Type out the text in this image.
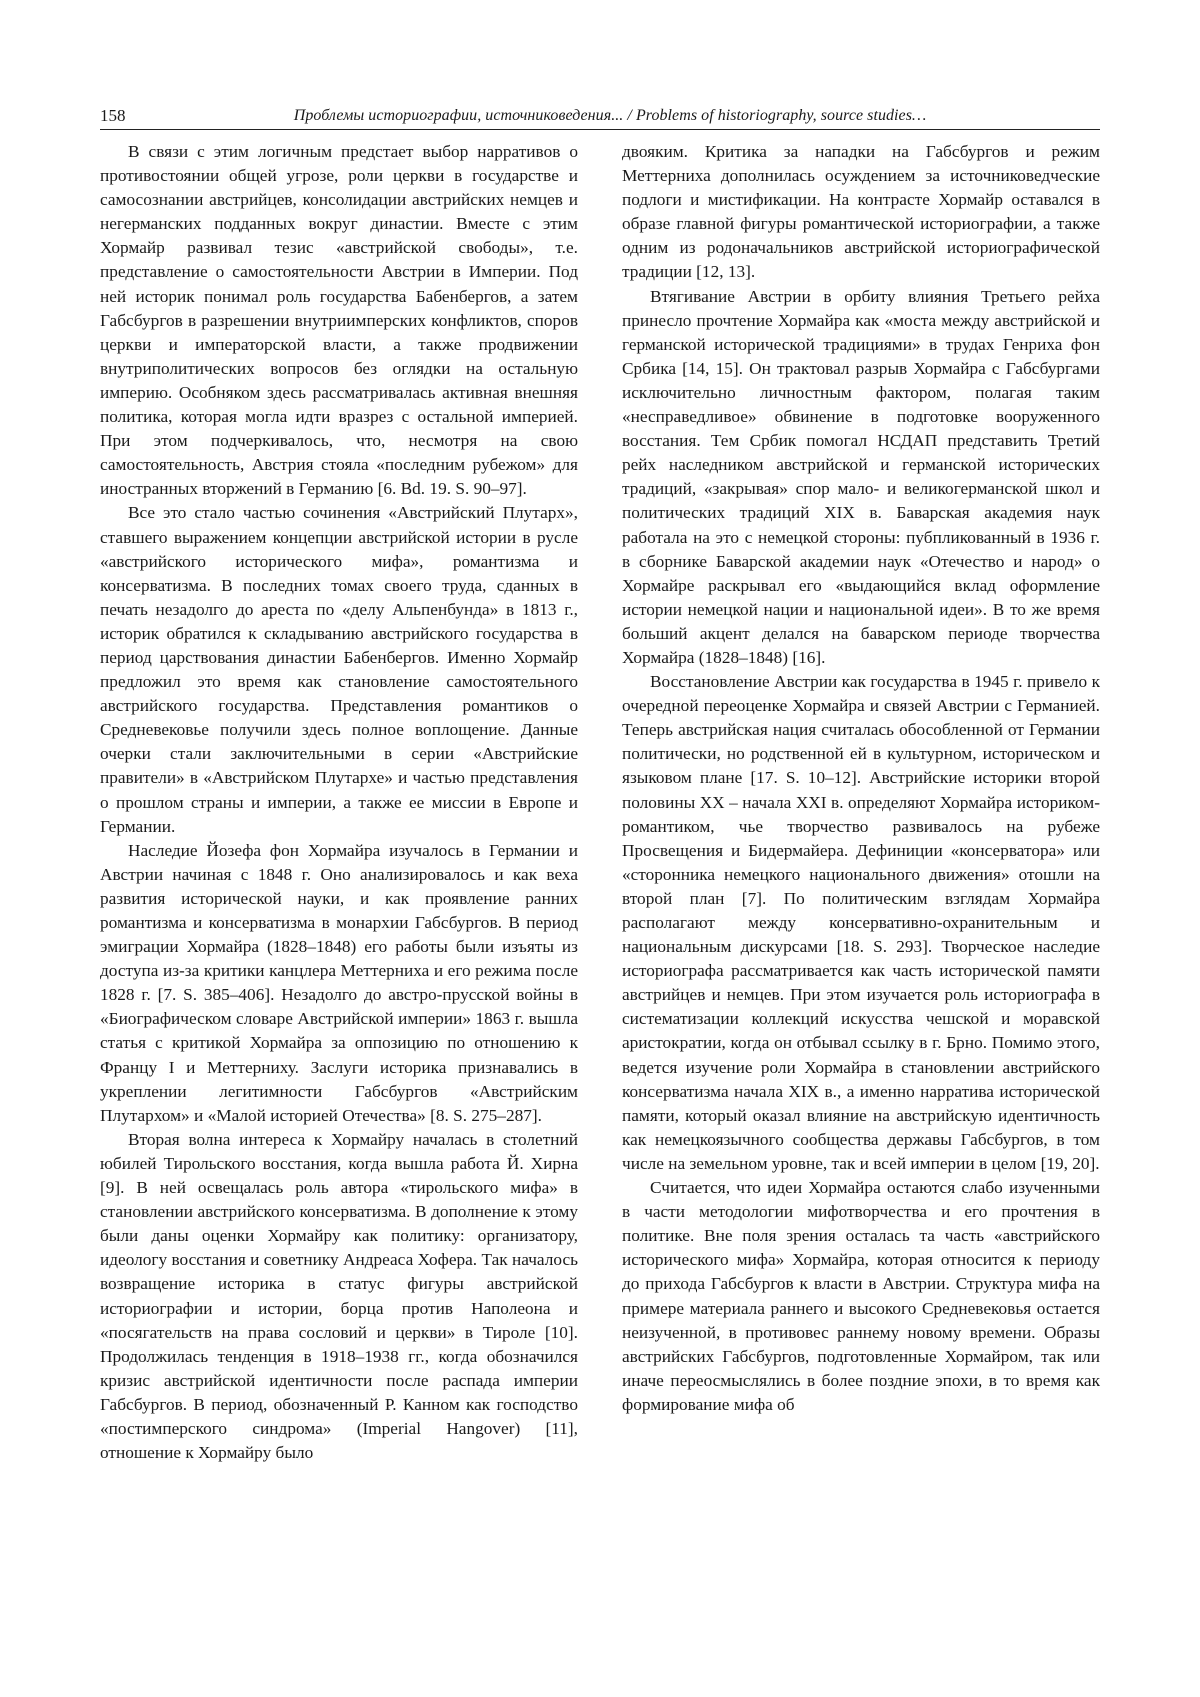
158	Проблемы историографии, источниковедения... / Problems of historiography, source studies…

В связи с этим логичным предстает выбор нарративов о противостоянии общей угрозе, роли церкви в государстве и самосознании австрийцев, консолидации австрийских немцев и негерманских подданных вокруг династии. Вместе с этим Хормайр развивал тезис «австрийской свободы», т.е. представление о самостоятельности Австрии в Империи. Под ней историк понимал роль государства Бабенбергов, а затем Габсбургов в разрешении внутриимперских конфликтов, споров церкви и императорской власти, а также продвижении внутриполитических вопросов без оглядки на остальную империю. Особняком здесь рассматривалась активная внешняя политика, которая могла идти вразрез с остальной империей. При этом подчеркивалось, что, несмотря на свою самостоятельность, Австрия стояла «последним рубежом» для иностранных вторжений в Германию [6. Bd. 19. S. 90–97].

Все это стало частью сочинения «Австрийский Плутарх», ставшего выражением концепции австрийской истории в русле «австрийского исторического мифа», романтизма и консерватизма. В последних томах своего труда, сданных в печать незадолго до ареста по «делу Альпенбунда» в 1813 г., историк обратился к складыванию австрийского государства в период царствования династии Бабенбергов. Именно Хормайр предложил это время как становление самостоятельного австрийского государства. Представления романтиков о Средневековье получили здесь полное воплощение. Данные очерки стали заключительными в серии «Австрийские правители» в «Австрийском Плутархе» и частью представления о прошлом страны и империи, а также ее миссии в Европе и Германии.

Наследие Йозефа фон Хормайра изучалось в Германии и Австрии начиная с 1848 г. Оно анализировалось и как веха развития исторической науки, и как проявление ранних романтизма и консерватизма в монархии Габсбургов. В период эмиграции Хормайра (1828–1848) его работы были изъяты из доступа из-за критики канцлера Меттерниха и его режима после 1828 г. [7. S. 385–406]. Незадолго до австро-прусской войны в «Биографическом словаре Австрийской империи» 1863 г. вышла статья с критикой Хормайра за оппозицию по отношению к Францу I и Меттерниху. Заслуги историка признавались в укреплении легитимности Габсбургов «Австрийским Плутархом» и «Малой историей Отечества» [8. S. 275–287].

Вторая волна интереса к Хормайру началась в столетний юбилей Тирольского восстания, когда вышла работа Й. Хирна [9]. В ней освещалась роль автора «тирольского мифа» в становлении австрийского консерватизма. В дополнение к этому были даны оценки Хормайру как политику: организатору, идеологу восстания и советнику Андреаса Хофера. Так началось возвращение историка в статус фигуры австрийской историографии и истории, борца против Наполеона и «посягательств на права сословий и церкви» в Тироле [10]. Продолжилась тенденция в 1918–1938 гг., когда обозначился кризис австрийской идентичности после распада империи Габсбургов. В период, обозначенный Р. Канном как господство «постимперского синдрома» (Imperial Hangover) [11], отношение к Хормайру было

двояким. Критика за нападки на Габсбургов и режим Меттерниха дополнилась осуждением за источниковедческие подлоги и мистификации. На контрасте Хормайр оставался в образе главной фигуры романтической историографии, а также одним из родоначальников австрийской историографической традиции [12, 13].

Втягивание Австрии в орбиту влияния Третьего рейха принесло прочтение Хормайра как «моста между австрийской и германской исторической традициями» в трудах Генриха фон Србика [14, 15]. Он трактовал разрыв Хормайра с Габсбургами исключительно личностным фактором, полагая таким «несправедливое» обвинение в подготовке вооруженного восстания. Тем Србик помогал НСДАП представить Третий рейх наследником австрийской и германской исторических традиций, «закрывая» спор мало- и великогерманской школ и политических традиций XIX в. Баварская академия наук работала на это с немецкой стороны: пубпликованный в 1936 г. в сборнике Баварской академии наук «Отечество и народ» о Хормайре раскрывал его «выдающийся вклад оформление истории немецкой нации и национальной идеи». В то же время больший акцент делался на баварском периоде творчества Хормайра (1828–1848) [16].

Восстановление Австрии как государства в 1945 г. привело к очередной переоценке Хормайра и связей Австрии с Германией. Теперь австрийская нация считалась обособленной от Германии политически, но родственной ей в культурном, историческом и языковом плане [17. S. 10–12]. Австрийские историки второй половины XX – начала XXI в. определяют Хормайра историком-романтиком, чье творчество развивалось на рубеже Просвещения и Бидермайера. Дефиниции «консерватора» или «сторонника немецкого национального движения» отошли на второй план [7]. По политическим взглядам Хормайра располагают между консервативно-охранительным и национальным дискурсами [18. S. 293]. Творческое наследие историографа рассматривается как часть исторической памяти австрийцев и немцев. При этом изучается роль историографа в систематизации коллекций искусства чешской и моравской аристократии, когда он отбывал ссылку в г. Брно. Помимо этого, ведется изучение роли Хормайра в становлении австрийского консерватизма начала XIX в., а именно нарратива исторической памяти, который оказал влияние на австрийскую идентичность как немецкоязычного сообщества державы Габсбургов, в том числе на земельном уровне, так и всей империи в целом [19, 20].

Считается, что идеи Хормайра остаются слабо изученными в части методологии мифотворчества и его прочтения в политике. Вне поля зрения осталась та часть «австрийского исторического мифа» Хормайра, которая относится к периоду до прихода Габсбургов к власти в Австрии. Структура мифа на примере материала раннего и высокого Средневековья остается неизученной, в противовес раннему новому времени. Образы австрийских Габсбургов, подготовленные Хормайром, так или иначе переосмыслялись в более поздние эпохи, в то время как формирование мифа об
